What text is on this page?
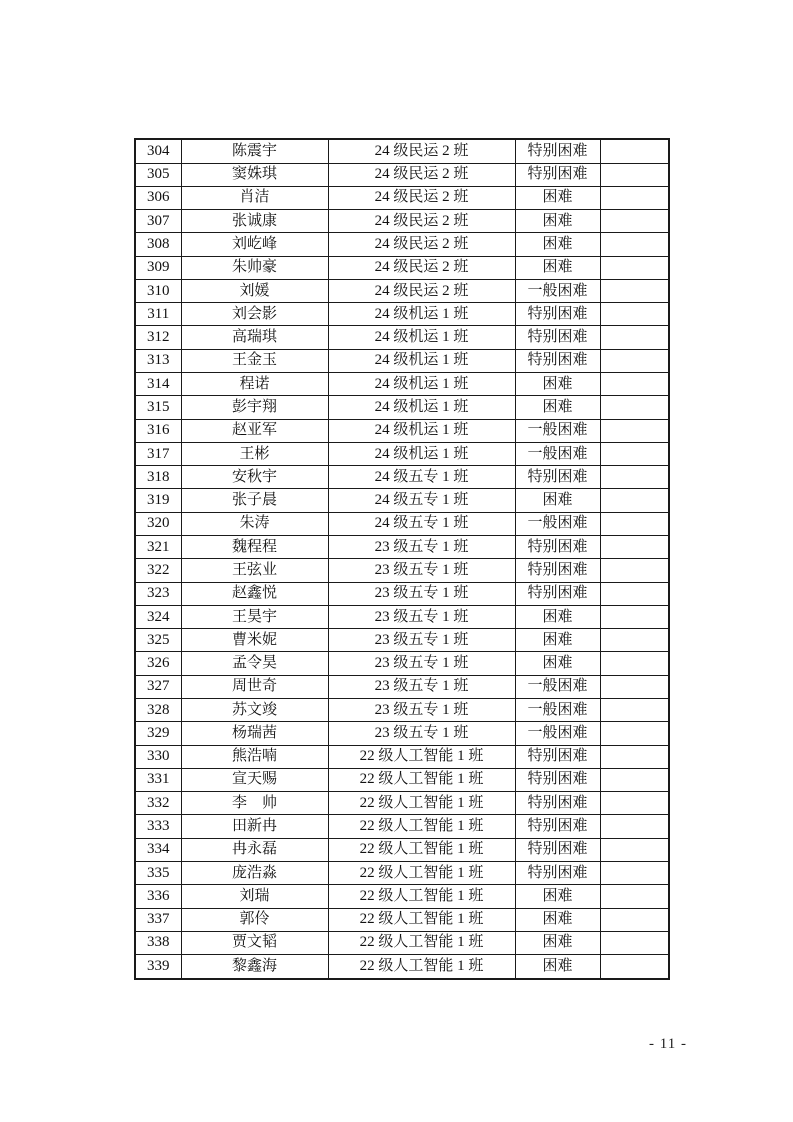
304	陈震宇	24 级民运 2 班	特别困难	
305	窦姝琪	24 级民运 2 班	特别困难	
306	肖洁	24 级民运 2 班	困难	
307	张诚康	24 级民运 2 班	困难	
308	刘屹峰	24 级民运 2 班	困难	
309	朱帅豪	24 级民运 2 班	困难	
310	刘媛	24 级民运 2 班	一般困难	
311	刘会影	24 级机运 1 班	特别困难	
312	高瑞琪	24 级机运 1 班	特别困难	
313	王金玉	24 级机运 1 班	特别困难	
314	程诺	24 级机运 1 班	困难	
315	彭宇翔	24 级机运 1 班	困难	
316	赵亚军	24 级机运 1 班	一般困难	
317	王彬	24 级机运 1 班	一般困难	
318	安秋宇	24 级五专 1 班	特别困难	
319	张子晨	24 级五专 1 班	困难	
320	朱涛	24 级五专 1 班	一般困难	
321	魏程程	23 级五专 1 班　　	特别困难	
322	王弦业	23 级五专 1 班	特别困难	
323	赵鑫悦	23 级五专 1 班	特别困难	
324	王昊宇	23 级五专 1 班	困难	
325	曹米妮	23 级五专 1 班	困难	
326	孟令昊	23 级五专 1 班	困难	
327	周世奇	23 级五专 1 班　　	一般困难	
328	苏文竣	23 级五专 1 班	一般困难	
329	杨瑞茜	23 级五专 1 班	一般困难	
330	熊浩喃	22 级人工智能 1 班	特别困难	
331	宣天赐	22 级人工智能 1 班	特别困难	
332	李　帅	22 级人工智能 1 班	特别困难	
333	田新冉	22 级人工智能 1 班	特别困难	
334	冉永磊	22 级人工智能 1 班	特别困难	
335	庞浩淼	22 级人工智能 1 班	特别困难	
336	刘瑞	22 级人工智能 1 班	困难	
337	郭伶	22 级人工智能 1 班	困难	
338	贾文韬	22 级人工智能 1 班	困难	
339	黎鑫海	22 级人工智能 1 班	困难	
- 11 -
